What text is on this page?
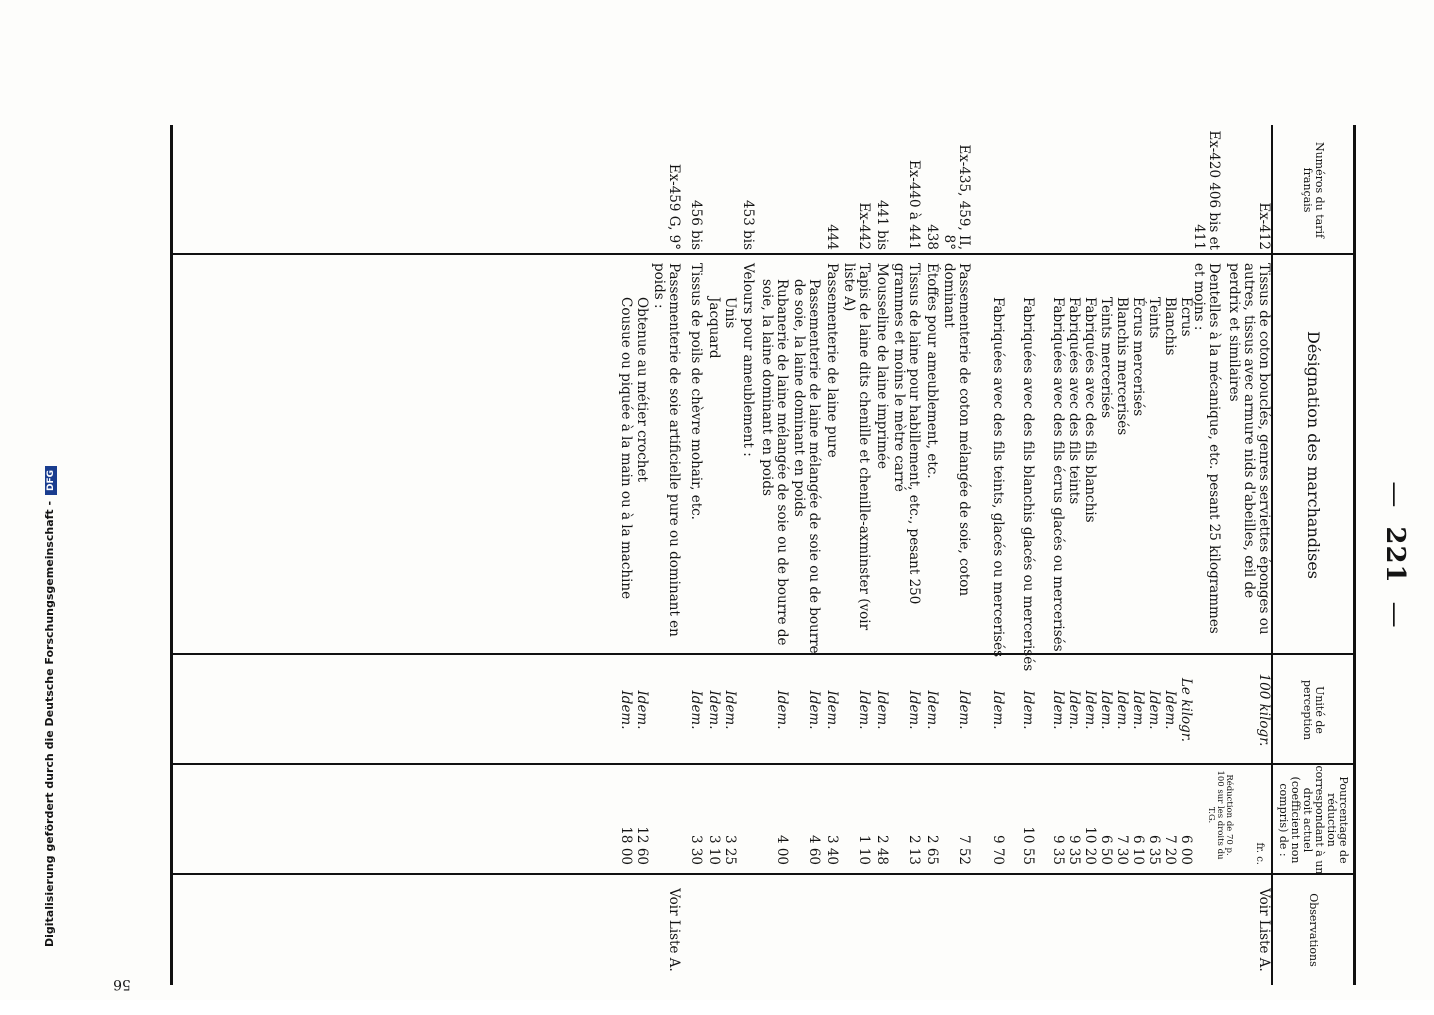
Digitalisierung gefördert durch die Deutsche Forschungsgemeinschaft -DFG
—221—
Numéros du tarif français
Désignation des marchandises
Unité de perception
Pourcentage de réduction correspondant à un droit actuel (coefficient non compris) de :
Observations
fr. c.
Réduction de 70 p. 100 sur les droits du T.G.
Ex-412
Tissus de coton bouclés, genres serviettes éponges ou autres, tissus avec armure nids d'abeilles, œil de perdrix et similaires
100 kilogr.
Voir Liste A.
Ex-420 406 bis et 411
Dentelles à la mécanique, etc. pesant 25 kilogrammes et moins :
Écrus
Le kilogr.
6 00
Blanchis
Idem.
7 20
Teints
Idem.
6 35
Écrus mercerisés
Idem.
6 10
Blanchis mercerisés
Idem.
7 30
Teints mercerisés
Idem.
6 50
Fabriquées avec des fils blanchis
Idem.
10 20
Fabriquées avec des fils teints
Idem.
9 35
Fabriquées avec des fils écrus glacés ou mercerisés
Idem.
9 35
Fabriquées avec des fils blanchis glacés ou mercerisés
Idem.
10 55
Fabriquées avec des fils teints, glacés ou mercerisés
Idem.
9 70
Ex-435, 459, II, 8°
Passementerie de coton mélangée de soie, coton dominant
Idem.
7 52
438
Étoffes pour ameublement, etc.
Idem.
2 65
Ex-440 à 441
Tissus de laine pour habillement, etc., pesant 250 grammes et moins le mètre carré
Idem.
2 13
441 bis
Mousseline de laine imprimée
Idem.
2 48
Ex-442
Tapis de laine dits chenille et chenille-axminster (voir liste A)
Idem.
1 10
444
Passementerie de laine pure
Idem.
3 40
Passementerie de laine mélangée de soie ou de bourre de soie, la laine dominant en poids
Idem.
4 60
Rubanerie de laine mélangée de soie ou de bourre de soie, la laine dominant en poids
Idem.
4 00
453 bis
Velours pour ameublement :
Unis
Idem.
3 25
Jacquard
Idem.
3 10
456 bis
Tissus de poils de chèvre mohair, etc.
Idem.
3 30
Ex-459 G, 9°
Passementerie de soie artificielle pure ou dominant en poids :
Voir Liste A.
Obtenue au métier crochet
Idem.
12 60
Cousue ou piquée à la main ou à la machine
Idem.
18 00
56
